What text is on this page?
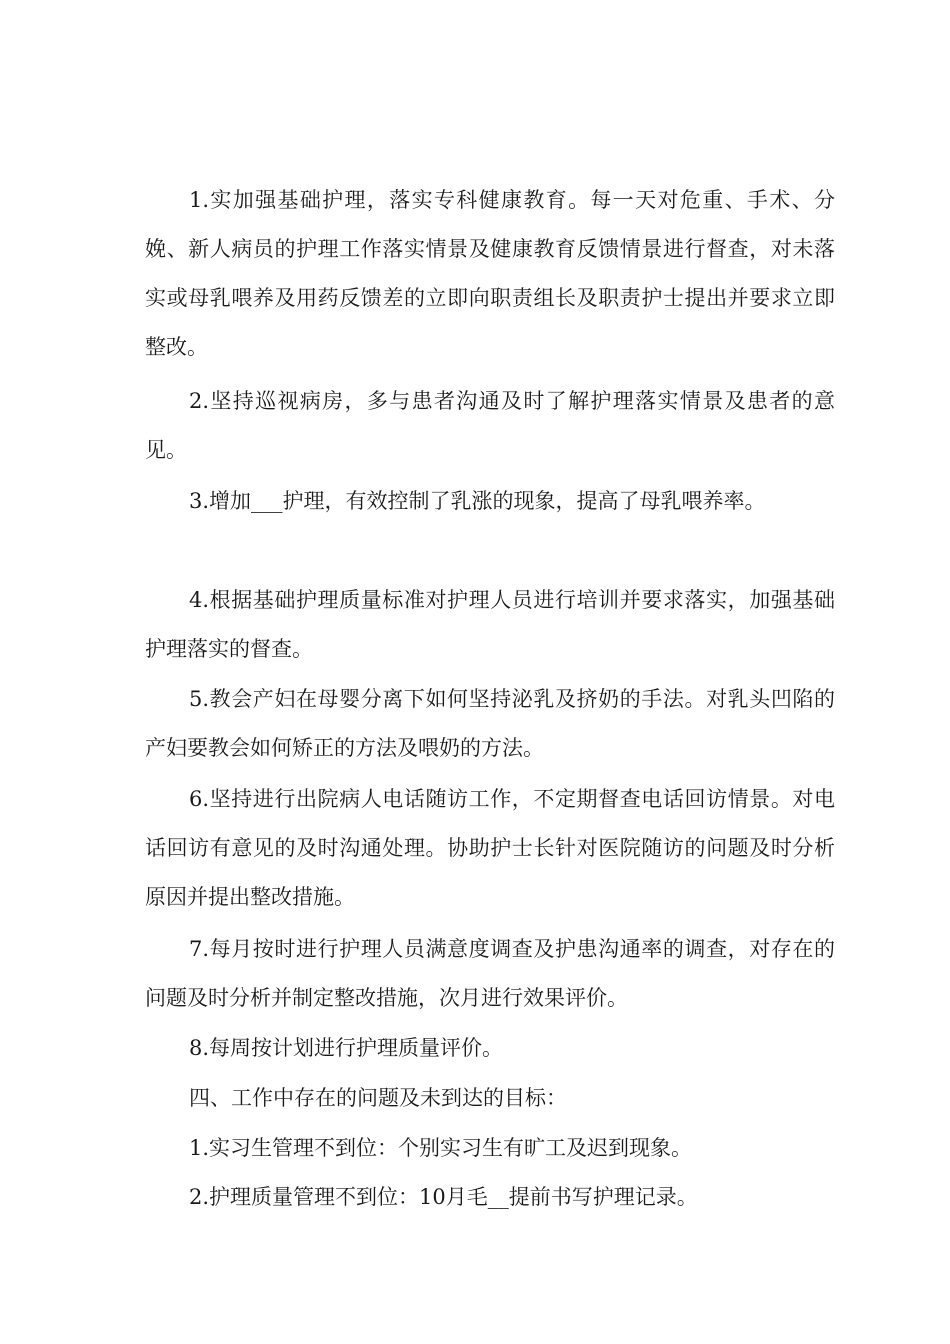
1.实加强基础护理，落实专科健康教育。每一天对危重、手术、分娩、新人病员的护理工作落实情景及健康教育反馈情景进行督查，对未落实或母乳喂养及用药反馈差的立即向职责组长及职责护士提出并要求立即整改。

2.坚持巡视病房，多与患者沟通及时了解护理落实情景及患者的意见。

3.增加___护理，有效控制了乳涨的现象，提高了母乳喂养率。

4.根据基础护理质量标准对护理人员进行培训并要求落实，加强基础护理落实的督查。

5.教会产妇在母婴分离下如何坚持泌乳及挤奶的手法。对乳头凹陷的产妇要教会如何矫正的方法及喂奶的方法。

6.坚持进行出院病人电话随访工作，不定期督查电话回访情景。对电话回访有意见的及时沟通处理。协助护士长针对医院随访的问题及时分析原因并提出整改措施。

7.每月按时进行护理人员满意度调查及护患沟通率的调查，对存在的问题及时分析并制定整改措施，次月进行效果评价。

8.每周按计划进行护理质量评价。

四、工作中存在的问题及未到达的目标：

1.实习生管理不到位：个别实习生有旷工及迟到现象。

2.护理质量管理不到位：10月毛__提前书写护理记录。
